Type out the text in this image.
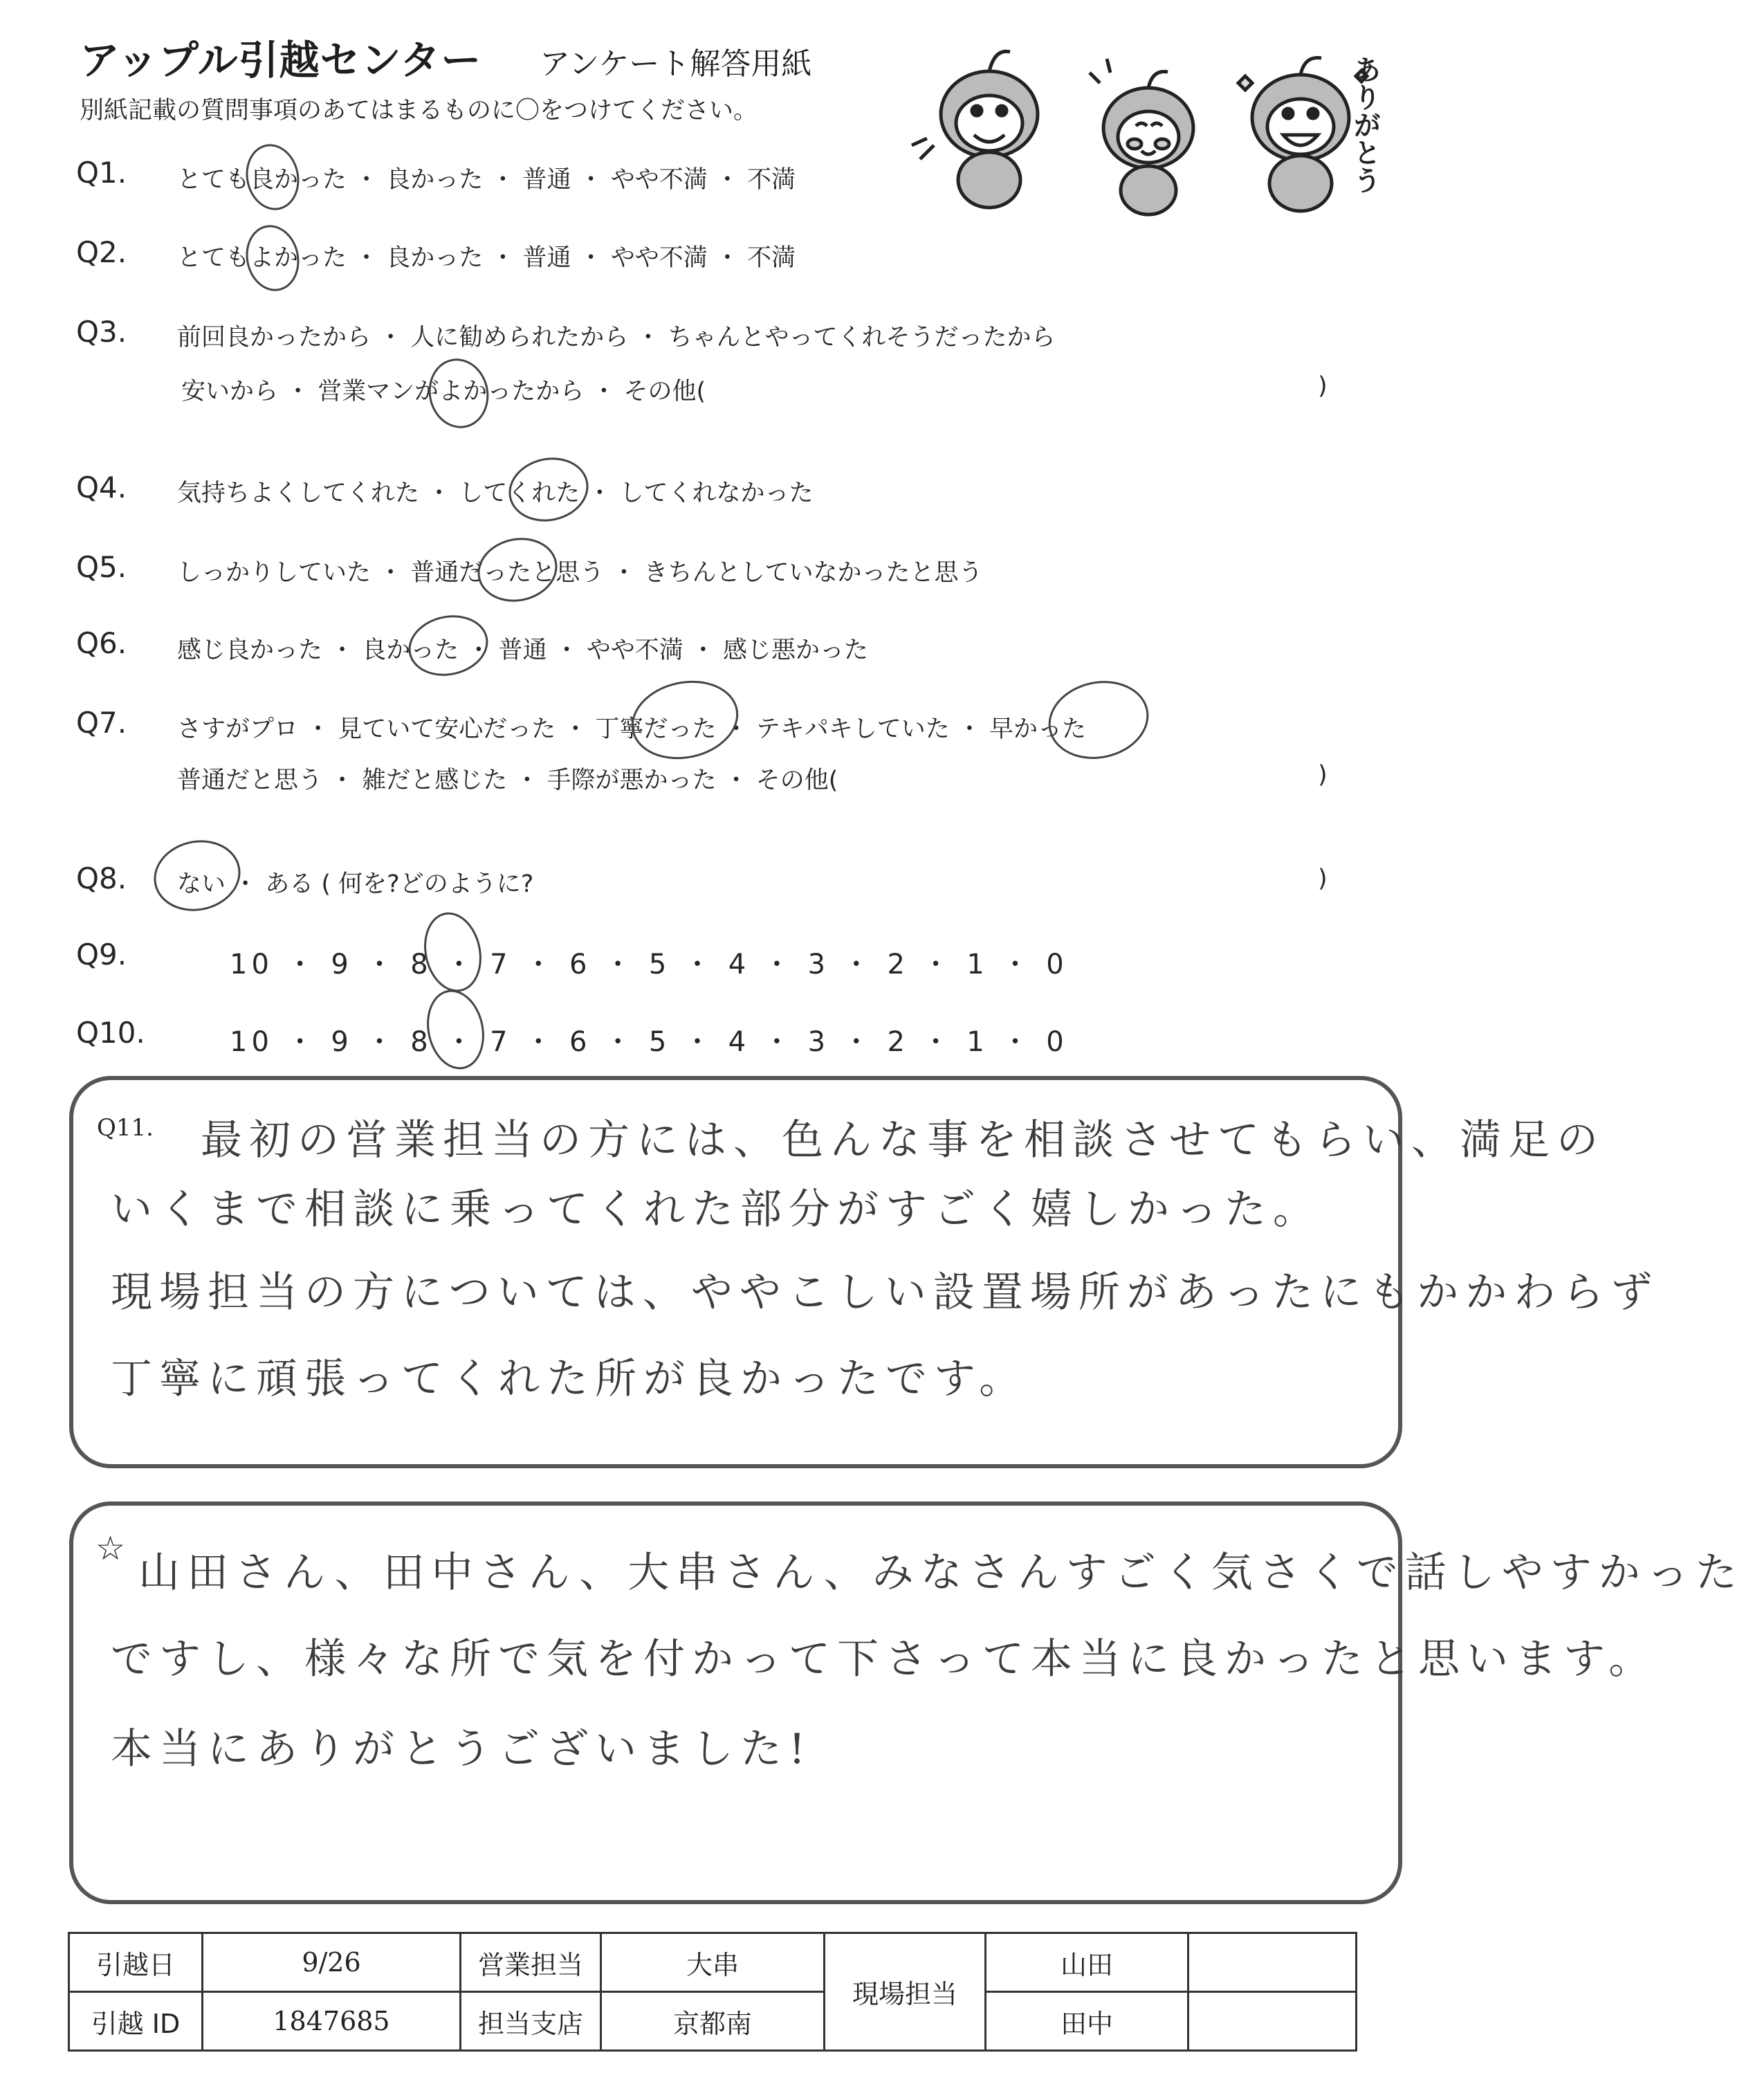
アップル引越センター アンケート解答用紙
別紙記載の質問事項のあてはまるものに〇をつけてください。	ありがとう
Q1. とても良かった ・ 良かった ・ 普通 ・ やや不満 ・ 不満
Q2. とてもよかった ・ 良かった ・ 普通 ・ やや不満 ・ 不満
Q3. 前回良かったから ・ 人に勧められたから ・ ちゃんとやってくれそうだったから
安いから ・ 営業マンがよかったから ・ その他(	)
Q4. 気持ちよくしてくれた ・ してくれた ・ してくれなかった
Q5. しっかりしていた ・ 普通だったと思う ・ きちんとしていなかったと思う
Q6. 感じ良かった ・ 良かった ・ 普通 ・ やや不満 ・ 感じ悪かった
Q7. さすがプロ ・ 見ていて安心だった ・ 丁寧だった ・ テキパキしていた ・ 早かった
普通だと思う ・ 雑だと感じた ・ 手際が悪かった ・ その他(	)
Q8. ない ・ ある ( 何を?どのように?	)
Q9.	10 ・ 9 ・ 8 ・ 7 ・ 6 ・ 5 ・ 4 ・ 3 ・ 2 ・ 1 ・ 0
Q10.	10 ・ 9 ・ 8 ・ 7 ・ 6 ・ 5 ・ 4 ・ 3 ・ 2 ・ 1 ・ 0
Q11. 最初の営業担当の方には、色んな事を相談させてもらい、満足の
いくまで相談に乗ってくれた部分がすごく嬉しかった。
現場担当の方については、ややこしい設置場所があったにもかかわらず
丁寧に頑張ってくれた所が良かったです。
☆ 山田さん、田中さん、大串さん、みなさんすごく気さくで話しやすかった
ですし、様々な所で気を付かって下さって本当に良かったと思います。
本当にありがとうございました!
引越日	9/26	営業担当	大串	現場担当	山田	
引越 ID	1847685	担当支店	京都南		田中	
